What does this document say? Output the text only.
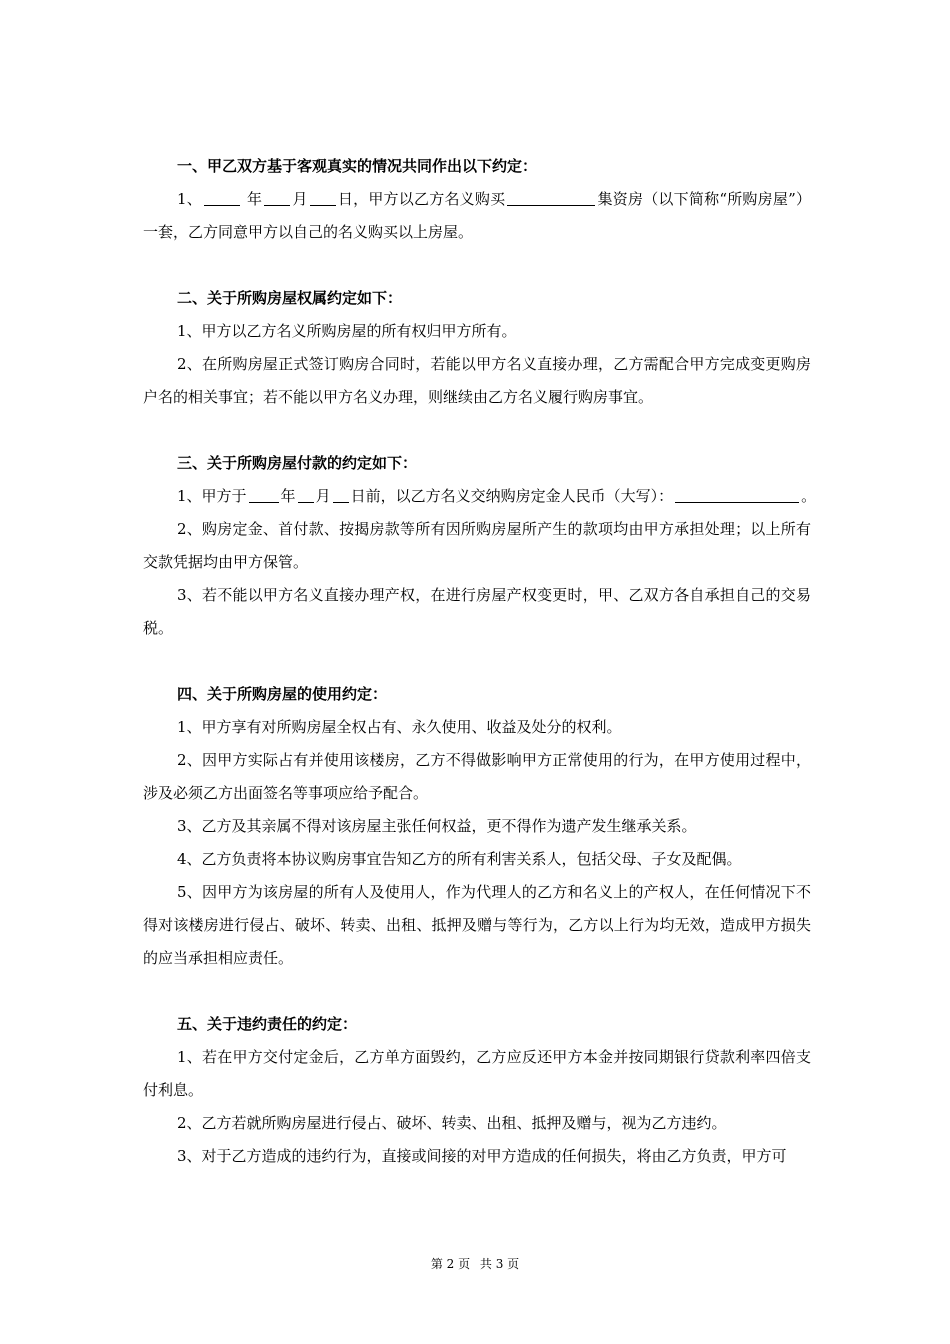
一、甲乙双方基于客观真实的情况共同作出以下约定：

1、	年 月 日，甲方以乙方名义购买	集资房（以下简称“所购房屋”）一套，乙方同意甲方以自己的名义购买以上房屋。

二、关于所购房屋权属约定如下：

1、甲方以乙方名义所购房屋的所有权归甲方所有。

2、在所购房屋正式签订购房合同时，若能以甲方名义直接办理，乙方需配合甲方完成变更购房户名的相关事宜；若不能以甲方名义办理，则继续由乙方名义履行购房事宜。

三、关于所购房屋付款的约定如下：

1、甲方于 年 月 日前，以乙方名义交纳购房定金人民币（大写）：	。

2、购房定金、首付款、按揭房款等所有因所购房屋所产生的款项均由甲方承担处理；以上所有交款凭据均由甲方保管。

3、若不能以甲方名义直接办理产权，在进行房屋产权变更时，甲、乙双方各自承担自己的交易税。

四、关于所购房屋的使用约定：

1、甲方享有对所购房屋全权占有、永久使用、收益及处分的权利。

2、因甲方实际占有并使用该楼房，乙方不得做影响甲方正常使用的行为，在甲方使用过程中，涉及必须乙方出面签名等事项应给予配合。

3、乙方及其亲属不得对该房屋主张任何权益，更不得作为遗产发生继承关系。

4、乙方负责将本协议购房事宜告知乙方的所有利害关系人，包括父母、子女及配偶。

5、因甲方为该房屋的所有人及使用人，作为代理人的乙方和名义上的产权人，在任何情况下不得对该楼房进行侵占、破坏、转卖、出租、抵押及赠与等行为，乙方以上行为均无效，造成甲方损失的应当承担相应责任。

五、关于违约责任的约定：

1、若在甲方交付定金后，乙方单方面毁约，乙方应反还甲方本金并按同期银行贷款利率四倍支付利息。

2、乙方若就所购房屋进行侵占、破坏、转卖、出租、抵押及赠与，视为乙方违约。

3、对于乙方造成的违约行为，直接或间接的对甲方造成的任何损失，将由乙方负责，甲方可

第 2 页 共 3 页
